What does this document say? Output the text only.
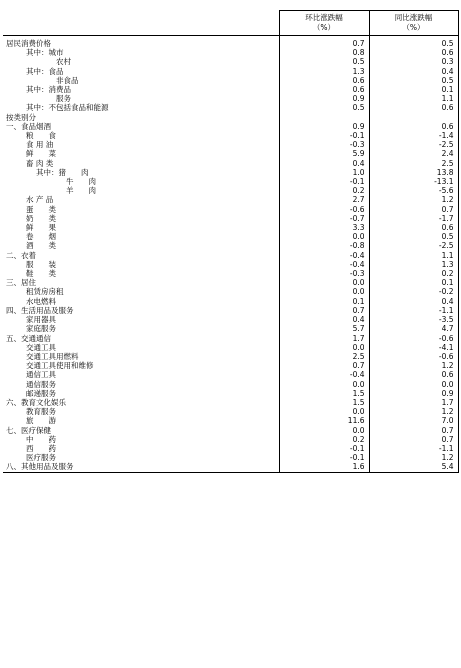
	环比涨跌幅
（%）	同比涨跌幅
（%）

居民消费价格	0.7	0.5
其中：城市	0.8	0.6
农村	0.5	0.3
其中：食品	1.3	0.4
非食品	0.6	0.5
其中：消费品	0.6	0.1
服务	0.9	1.1
其中：不包括食品和能源	0.5	0.6
按类别分		
一、食品烟酒	0.9	0.6
粮　　食	-0.1	-1.4
食 用 油	-0.3	-2.5
鲜　　菜	5.9	2.4
畜 肉 类	0.4	2.5
其中：猪　　肉	1.0	13.8
牛　　肉	-0.1	-13.1
羊　　肉	0.2	-5.6
水 产 品	2.7	1.2
蛋　　类	-0.6	0.7
奶　　类	-0.7	-1.7
鲜　　果	3.3	0.6
卷　　烟	0.0	0.5
酒　　类	-0.8	-2.5
二、衣着	-0.4	1.1
服　　装	-0.4	1.3
鞋　　类	-0.3	0.2
三、居住	0.0	0.1
租赁房房租	0.0	-0.2
水电燃料	0.1	0.4
四、生活用品及服务	0.7	-1.1
家用器具	0.4	-3.5
家庭服务	5.7	4.7
五、交通通信	1.7	-0.6
交通工具	0.0	-4.1
交通工具用燃料	2.5	-0.6
交通工具使用和维修	0.7	1.2
通信工具	-0.4	0.6
通信服务	0.0	0.0
邮递服务	1.5	0.9
六、教育文化娱乐	1.5	1.7
教育服务	0.0	1.2
旅　　游	11.6	7.0
七、医疗保健	0.0	0.7
中　　药	0.2	0.7
西　　药	-0.1	-1.1
医疗服务	-0.1	1.2
八、其他用品及服务	1.6	5.4
